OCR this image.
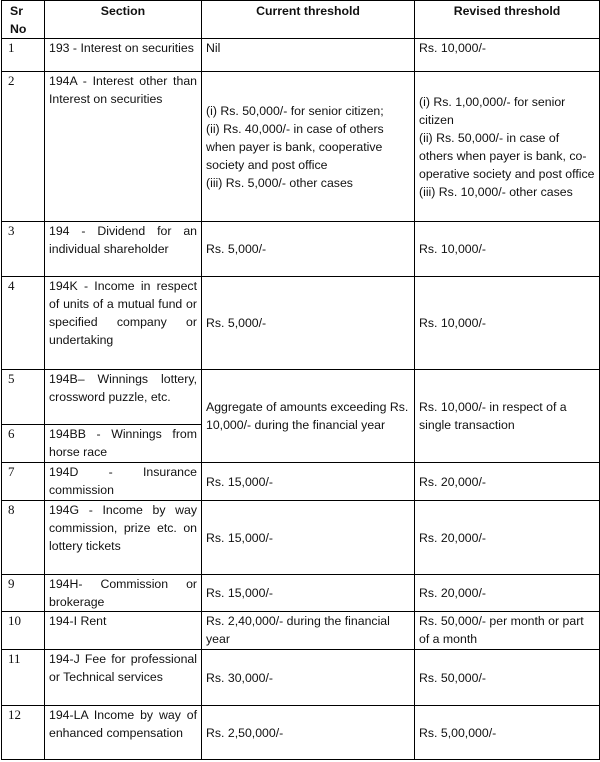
Sr No	Section	Current threshold	Revised threshold
1	193 - Interest on securities	Nil	Rs. 10,000/-
2	194A - Interest other than Interest on securities	(i) Rs. 50,000/- for senior citizen;
(ii) Rs. 40,000/- in case of others when payer is bank, cooperative society and post office
(iii) Rs. 5,000/- other cases	(i) Rs. 1,00,000/- for senior citizen
(ii) Rs. 50,000/- in case of others when payer is bank, co- operative society and post office
(iii) Rs. 10,000/- other cases

3	194 - Dividend for an individual shareholder	Rs. 5,000/-	Rs. 10,000/-
4	194K - Income in respect of units of a mutual fund or specified company or undertaking	Rs. 5,000/-	Rs. 10,000/-
5	194B– Winnings lottery, crossword puzzle, etc.	Aggregate of amounts exceeding Rs. 10,000/- during the financial year	Rs. 10,000/- in respect of a single transaction
6	194BB - Winnings from horse race		
7	194D - Insurance commission	Rs. 15,000/-	Rs. 20,000/-
8	194G - Income by way commission, prize etc. on lottery tickets	Rs. 15,000/-	Rs. 20,000/-
9	194H- Commission or brokerage	Rs. 15,000/-	Rs. 20,000/-
10	194-I Rent	Rs. 2,40,000/- during the financial year	Rs. 50,000/- per month or part of a month
11	194-J Fee for professional or Technical services	Rs. 30,000/-	Rs. 50,000/-
12	194-LA Income by way of enhanced compensation	Rs. 2,50,000/-	Rs. 5,00,000/-
